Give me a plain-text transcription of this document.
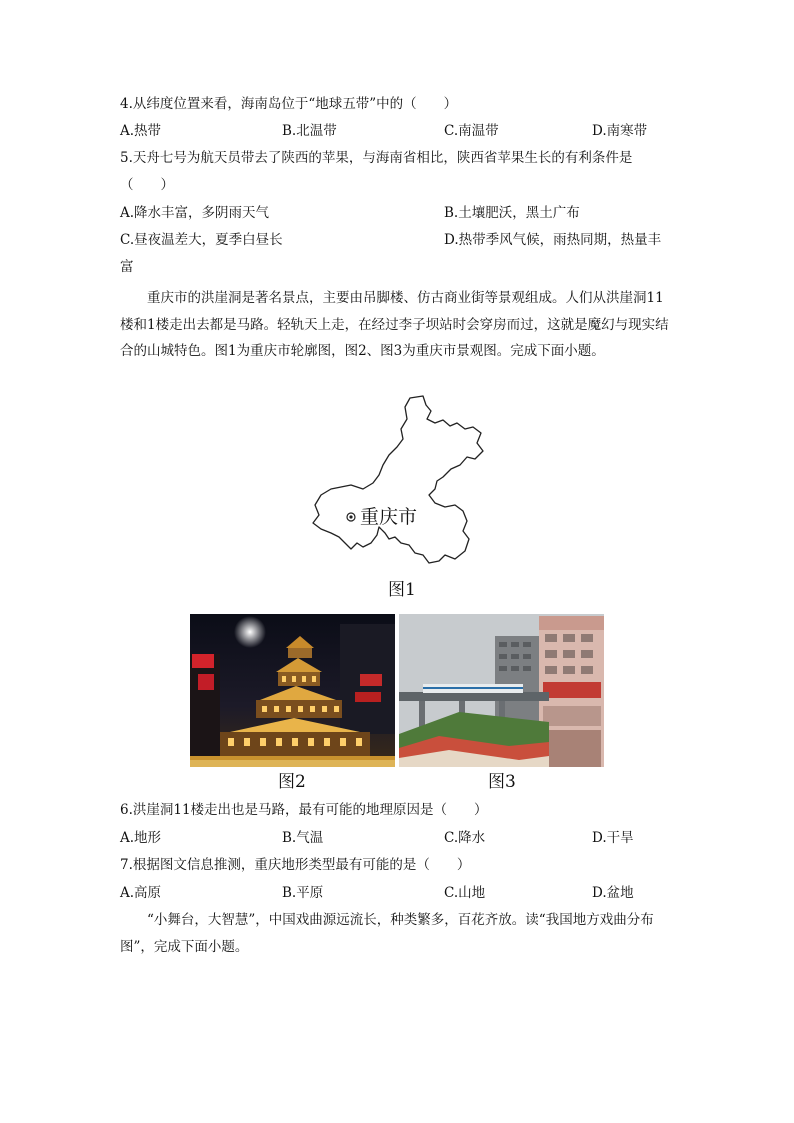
4.从纬度位置来看，海南岛位于“地球五带”中的（　　）
A.热带	B.北温带	C.南温带	D.南寒带
5.天舟七号为航天员带去了陕西的苹果，与海南省相比，陕西省苹果生长的有利条件是
（　　）
A.降水丰富，多阴雨天气	B.土壤肥沃，黑土广布
C.昼夜温差大，夏季白昼长	D.热带季风气候，雨热同期，热量丰
富
重庆市的洪崖洞是著名景点，主要由吊脚楼、仿古商业街等景观组成。人们从洪崖洞11楼和1楼走出去都是马路。轻轨天上走，在经过李子坝站时会穿房而过，这就是魔幻与现实结合的山城特色。图1为重庆市轮廓图，图2、图3为重庆市景观图。完成下面小题。
重庆市
图1
图2	图3
6.洪崖洞11楼走出也是马路，最有可能的地理原因是（　　）
A.地形	B.气温	C.降水	D.干旱
7.根据图文信息推测，重庆地形类型最有可能的是（　　）
A.高原	B.平原	C.山地	D.盆地
“小舞台，大智慧”，中国戏曲源远流长，种类繁多，百花齐放。读“我国地方戏曲分布图”，完成下面小题。
